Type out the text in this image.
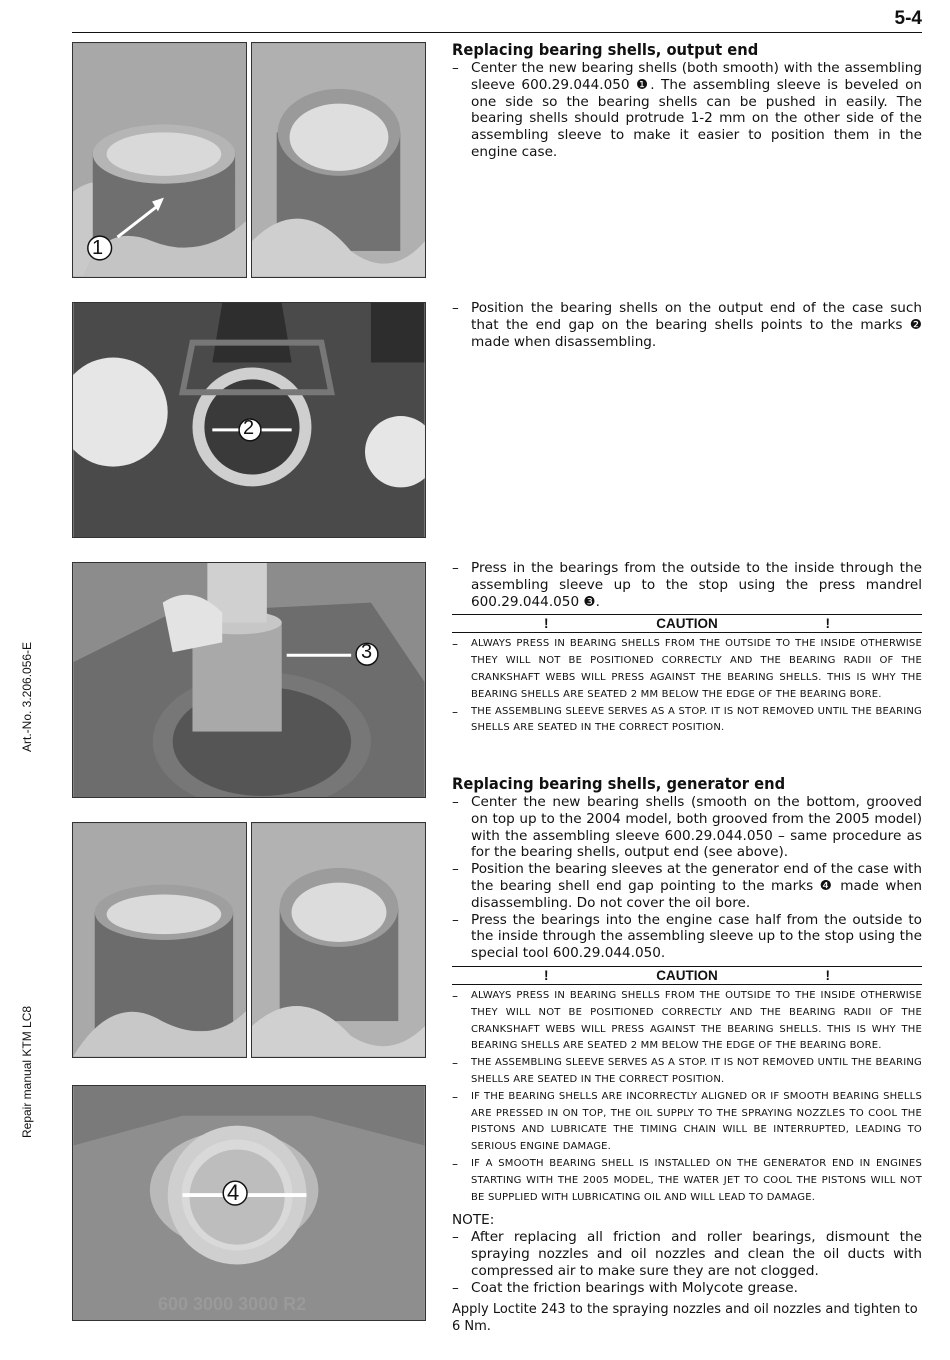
5-4
Art.-No. 3.206.056-E
Repair manual KTM LC8
1
2
3
4
600 3000 3000 R2
Replacing bearing shells, output end
– Center the new bearing shells (both smooth) with the assembling sleeve 600.29.044.050 ❶. The assembling sleeve is beveled on one side so the bearing shells can be pushed in easily. The bearing shells should protrude 1-2 mm on the other side of the assembling sleeve to make it easier to position them in the engine case.
– Position the bearing shells on the output end of the case such that the end gap on the bearing shells points to the marks ❷ made when disassembling.
– Press in the bearings from the outside to the inside through the assembling sleeve up to the stop using the press mandrel 600.29.044.050 ❸.
!	CAUTION	!
– ALWAYS PRESS IN BEARING SHELLS FROM THE OUTSIDE TO THE INSIDE OTHERWISE THEY WILL NOT BE POSITIONED CORRECTLY AND THE BEARING RADII OF THE CRANKSHAFT WEBS WILL PRESS AGAINST THE BEARING SHELLS. THIS IS WHY THE BEARING SHELLS ARE SEATED 2 MM BELOW THE EDGE OF THE BEARING BORE.
– THE ASSEMBLING SLEEVE SERVES AS A STOP. IT IS NOT REMOVED UNTIL THE BEARING SHELLS ARE SEATED IN THE CORRECT POSITION.
Replacing bearing shells, generator end
– Center the new bearing shells (smooth on the bottom, grooved on top up to the 2004 model, both grooved from the 2005 model) with the assembling sleeve 600.29.044.050 – same procedure as for the bearing shells, output end (see above).
– Position the bearing sleeves at the generator end of the case with the bearing shell end gap pointing to the marks ❹ made when disassembling. Do not cover the oil bore.
– Press the bearings into the engine case half from the outside to the inside through the assembling sleeve up to the stop using the special tool 600.29.044.050.
!	CAUTION	!
– ALWAYS PRESS IN BEARING SHELLS FROM THE OUTSIDE TO THE INSIDE OTHERWISE THEY WILL NOT BE POSITIONED CORRECTLY AND THE BEARING RADII OF THE CRANKSHAFT WEBS WILL PRESS AGAINST THE BEARING SHELLS. THIS IS WHY THE BEARING SHELLS ARE SEATED 2 MM BELOW THE EDGE OF THE BEARING BORE.
– THE ASSEMBLING SLEEVE SERVES AS A STOP. IT IS NOT REMOVED UNTIL THE BEARING SHELLS ARE SEATED IN THE CORRECT POSITION.
– IF THE BEARING SHELLS ARE INCORRECTLY ALIGNED OR IF SMOOTH BEARING SHELLS ARE PRESSED IN ON TOP, THE OIL SUPPLY TO THE SPRAYING NOZZLES TO COOL THE PISTONS AND LUBRICATE THE TIMING CHAIN WILL BE INTERRUPTED, LEADING TO SERIOUS ENGINE DAMAGE.
– IF A SMOOTH BEARING SHELL IS INSTALLED ON THE GENERATOR END IN ENGINES STARTING WITH THE 2005 MODEL, THE WATER JET TO COOL THE PISTONS WILL NOT BE SUPPLIED WITH LUBRICATING OIL AND WILL LEAD TO DAMAGE.
NOTE:
– After replacing all friction and roller bearings, dismount the spraying nozzles and oil nozzles and clean the oil ducts with compressed air to make sure they are not clogged.
– Coat the friction bearings with Molycote grease.
Apply Loctite 243 to the spraying nozzles and oil nozzles and tighten to 6 Nm.
